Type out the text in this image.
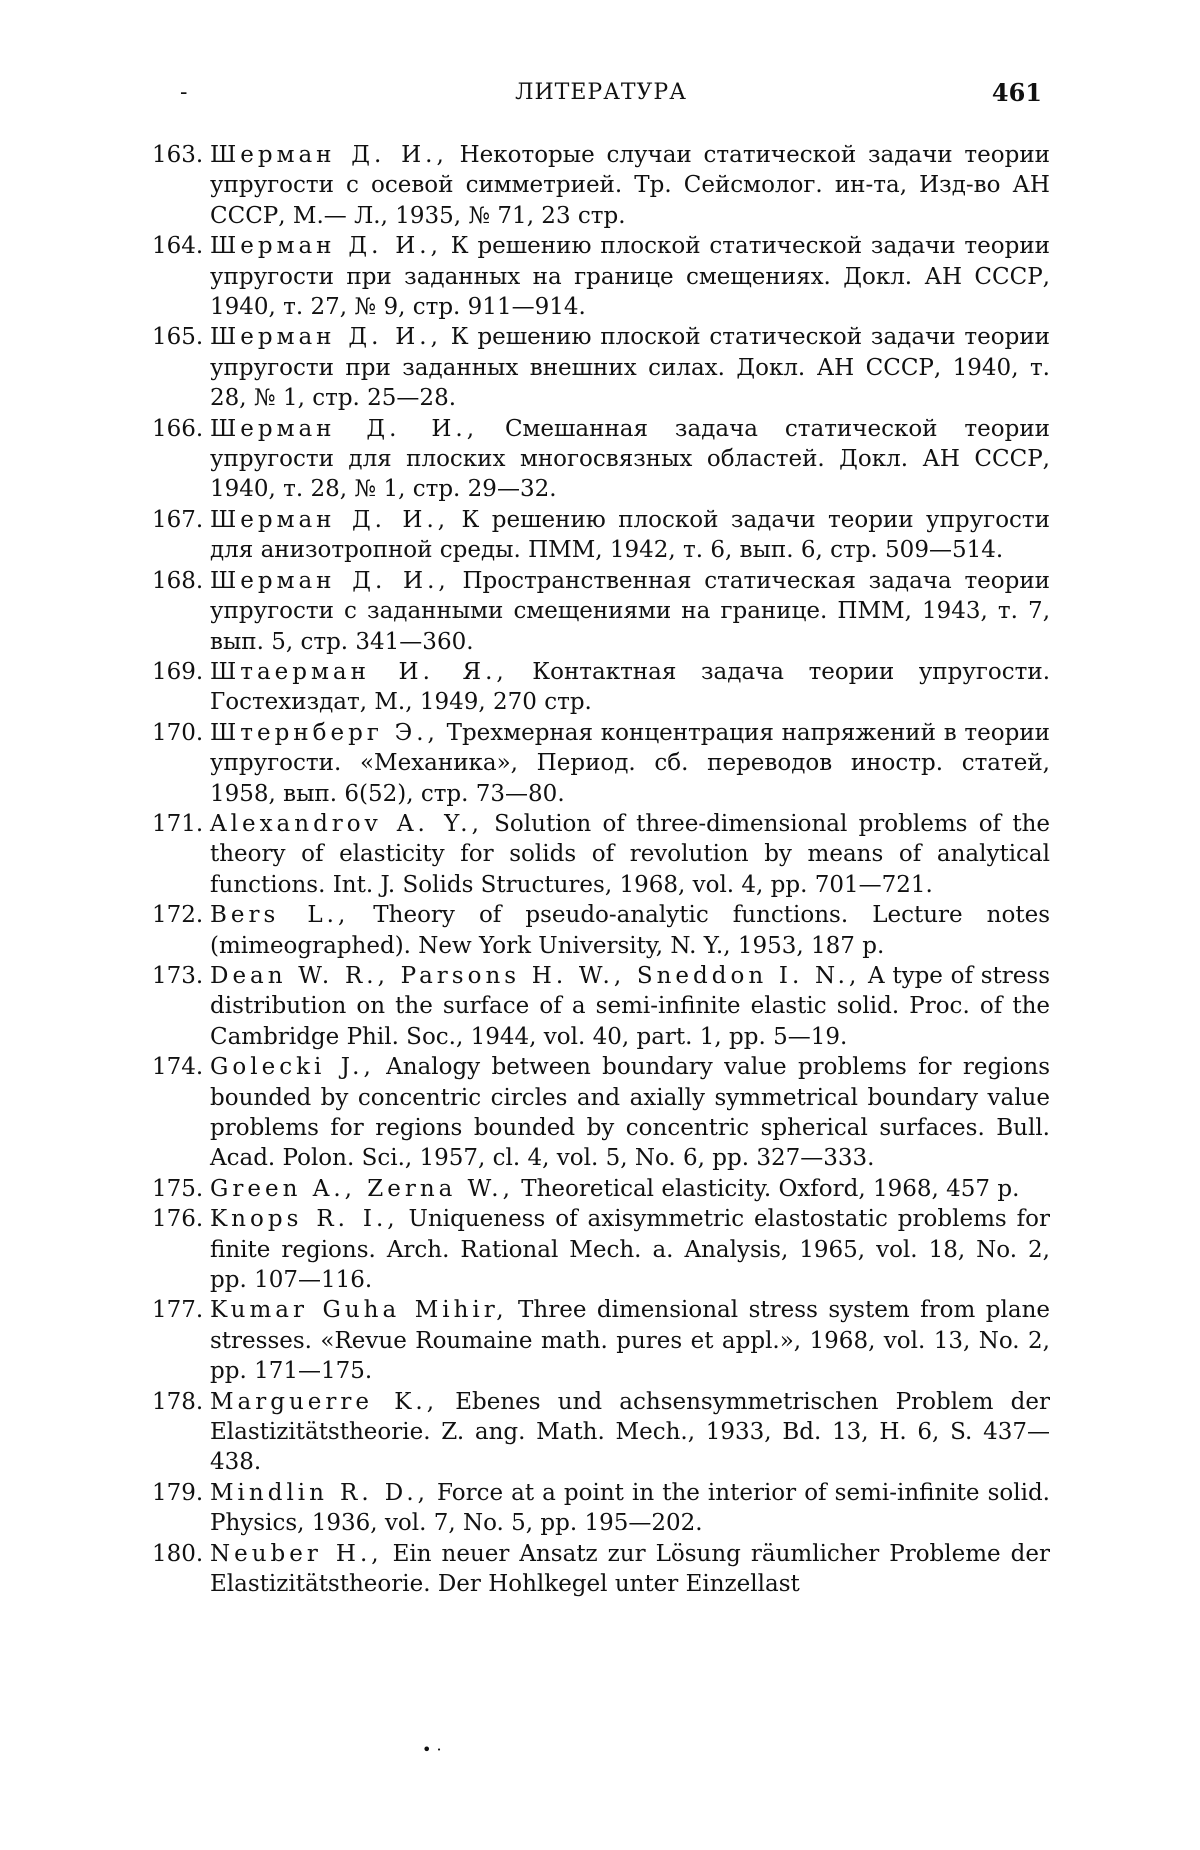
-	ЛИТЕРАТУРА	461
163. Шерман Д. И., Некоторые случаи статической задачи теории упругости с осевой симметрией. Тр. Сейсмолог. ин-та, Изд-во АН СССР, М.— Л., 1935, № 71, 23 стр.
164. Шерман Д. И., К решению плоской статической задачи теории упругости при заданных на границе смещениях. Докл. АН СССР, 1940, т. 27, № 9, стр. 911—914.
165. Шерман Д. И., К решению плоской статической задачи теории упругости при заданных внешних силах. Докл. АН СССР, 1940, т. 28, № 1, стр. 25—28.
166. Шерман Д. И., Смешанная задача статической теории упругости для плоских многосвязных областей. Докл. АН СССР, 1940, т. 28, № 1, стр. 29—32.
167. Шерман Д. И., К решению плоской задачи теории упругости для анизотропной среды. ПММ, 1942, т. 6, вып. 6, стр. 509—514.
168. Шерман Д. И., Пространственная статическая задача теории упругости с заданными смещениями на границе. ПММ, 1943, т. 7, вып. 5, стр. 341—360.
169. Штаерман И. Я., Контактная задача теории упругости. Гостехиздат, М., 1949, 270 стр.
170. Штернберг Э., Трехмерная концентрация напряжений в теории упругости. «Механика», Период. сб. переводов иностр. статей, 1958, вып. 6(52), стр. 73—80.
171. Alexandrov A. Y., Solution of three-dimensional problems of the theory of elasticity for solids of revolution by means of analytical functions. Int. J. Solids Structures, 1968, vol. 4, pp. 701—721.
172. Bers L., Theory of pseudo-analytic functions. Lecture notes (mimeographed). New York University, N. Y., 1953, 187 p.
173. Dean W. R., Parsons H. W., Sneddon I. N., A type of stress distribution on the surface of a semi-infinite elastic solid. Proc. of the Cambridge Phil. Soc., 1944, vol. 40, part. 1, pp. 5—19.
174. Golecki J., Analogy between boundary value problems for regions bounded by concentric circles and axially symmetrical boundary value problems for regions bounded by concentric spherical surfaces. Bull. Acad. Polon. Sci., 1957, cl. 4, vol. 5, No. 6, pp. 327—333.
175. Green A., Zerna W., Theoretical elasticity. Oxford, 1968, 457 p.
176. Knops R. I., Uniqueness of axisymmetric elastostatic problems for finite regions. Arch. Rational Mech. a. Analysis, 1965, vol. 18, No. 2, pp. 107—116.
177. Kumar Guha Mihir, Three dimensional stress system from plane stresses. «Revue Roumaine math. pures et appl.», 1968, vol. 13, No. 2, pp. 171—175.
178. Marguerre K., Ebenes und achsensymmetrischen Problem der Elastizitätstheorie. Z. ang. Math. Mech., 1933, Bd. 13, H. 6, S. 437—438.
179. Mindlin R. D., Force at a point in the interior of semi-infinite solid. Physics, 1936, vol. 7, No. 5, pp. 195—202.
180. Neuber H., Ein neuer Ansatz zur Lösung räumlicher Probleme der Elastizitätstheorie. Der Hohlkegel unter Einzellast
• ·
